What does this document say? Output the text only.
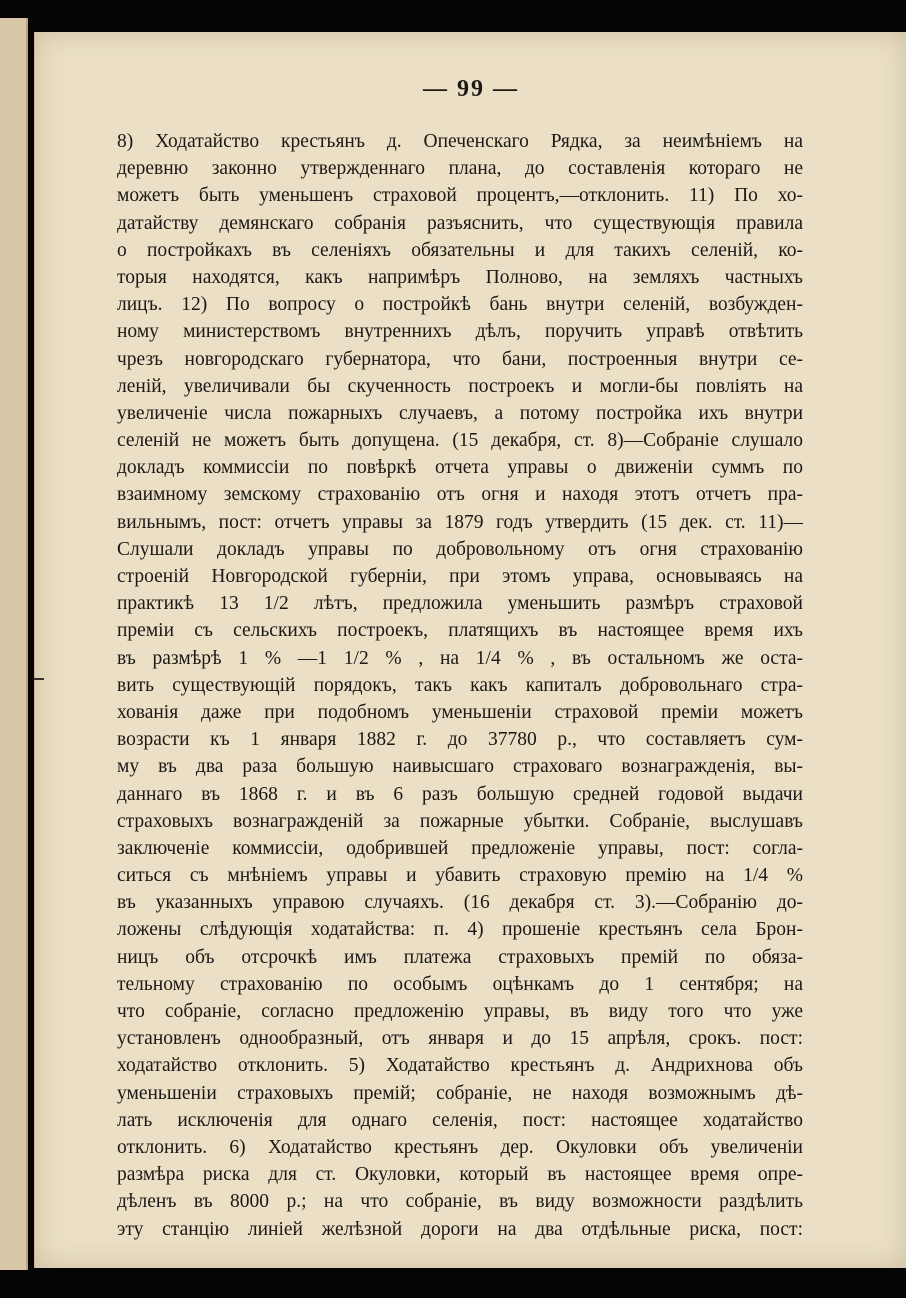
— 99 —
8) Ходатайство крестьянъ д. Опеченскаго Рядка, за неимѣніемъ на
деревню законно утвержденнаго плана, до составленія котораго не
можетъ быть уменьшенъ страховой процентъ,—отклонить. 11) По хо-
датайству демянскаго собранія разъяснить, что существующія правила
о постройкахъ въ селеніяхъ обязательны и для такихъ селеній, ко-
торыя находятся, какъ напримѣръ Полново, на земляхъ частныхъ
лицъ. 12) По вопросу о постройкѣ бань внутри селеній, возбужден-
ному министерствомъ внутреннихъ дѣлъ, поручить управѣ отвѣтить
чрезъ новгородскаго губернатора, что бани, построенныя внутри се-
леній, увеличивали бы скученность построекъ и могли-бы повліять на
увеличеніе числа пожарныхъ случаевъ, а потому постройка ихъ внутри
селеній не можетъ быть допущена. (15 декабря, ст. 8)—Собраніе слушало
докладъ коммиссіи по повѣркѣ отчета управы о движеніи суммъ по
взаимному земскому страхованію отъ огня и находя этотъ отчетъ пра-
вильнымъ, пост: отчетъ управы за 1879 годъ утвердить (15 дек. ст. 11)—
Слушали докладъ управы по добровольному отъ огня страхованію
строеній Новгородской губерніи, при этомъ управа, основываясь на
практикѣ 13 1/2 лѣтъ, предложила уменьшить размѣръ страховой
преміи съ сельскихъ построекъ, платящихъ въ настоящее время ихъ
въ размѣрѣ 1 % —1 1/2 % , на 1/4 % , въ остальномъ же оста-
вить существующій порядокъ, такъ какъ капиталъ добровольнаго стра-
хованія даже при подобномъ уменьшеніи страховой преміи можетъ
возрасти къ 1 января 1882 г. до 37780 р., что составляетъ сум-
му въ два раза большую наивысшаго страховаго вознагражденія, вы-
даннаго въ 1868 г. и въ 6 разъ большую средней годовой выдачи
страховыхъ вознагражденій за пожарные убытки. Собраніе, выслушавъ
заключеніе коммиссіи, одобрившей предложеніе управы, пост: согла-
ситься съ мнѣніемъ управы и убавить страховую премію на 1/4 %
въ указанныхъ управою случаяхъ. (16 декабря ст. 3).—Собранію до-
ложены слѣдующія ходатайства: п. 4) прошеніе крестьянъ села Брон-
ницъ объ отсрочкѣ имъ платежа страховыхъ премій по обяза-
тельному страхованію по особымъ оцѣнкамъ до 1 сентября; на
что собраніе, согласно предложенію управы, въ виду того что уже
установленъ однообразный, отъ января и до 15 апрѣля, срокъ. пост:
ходатайство отклонить. 5) Ходатайство крестьянъ д. Андрихнова объ
уменьшеніи страховыхъ премій; собраніе, не находя возможнымъ дѣ-
лать исключенія для однаго селенія, пост: настоящее ходатайство
отклонить. 6) Ходатайство крестьянъ дер. Окуловки объ увеличеніи
размѣра риска для ст. Окуловки, который въ настоящее время опре-
дѣленъ въ 8000 р.; на что собраніе, въ виду возможности раздѣлить
эту станцію линіей желѣзной дороги на два отдѣльные риска, пост:
